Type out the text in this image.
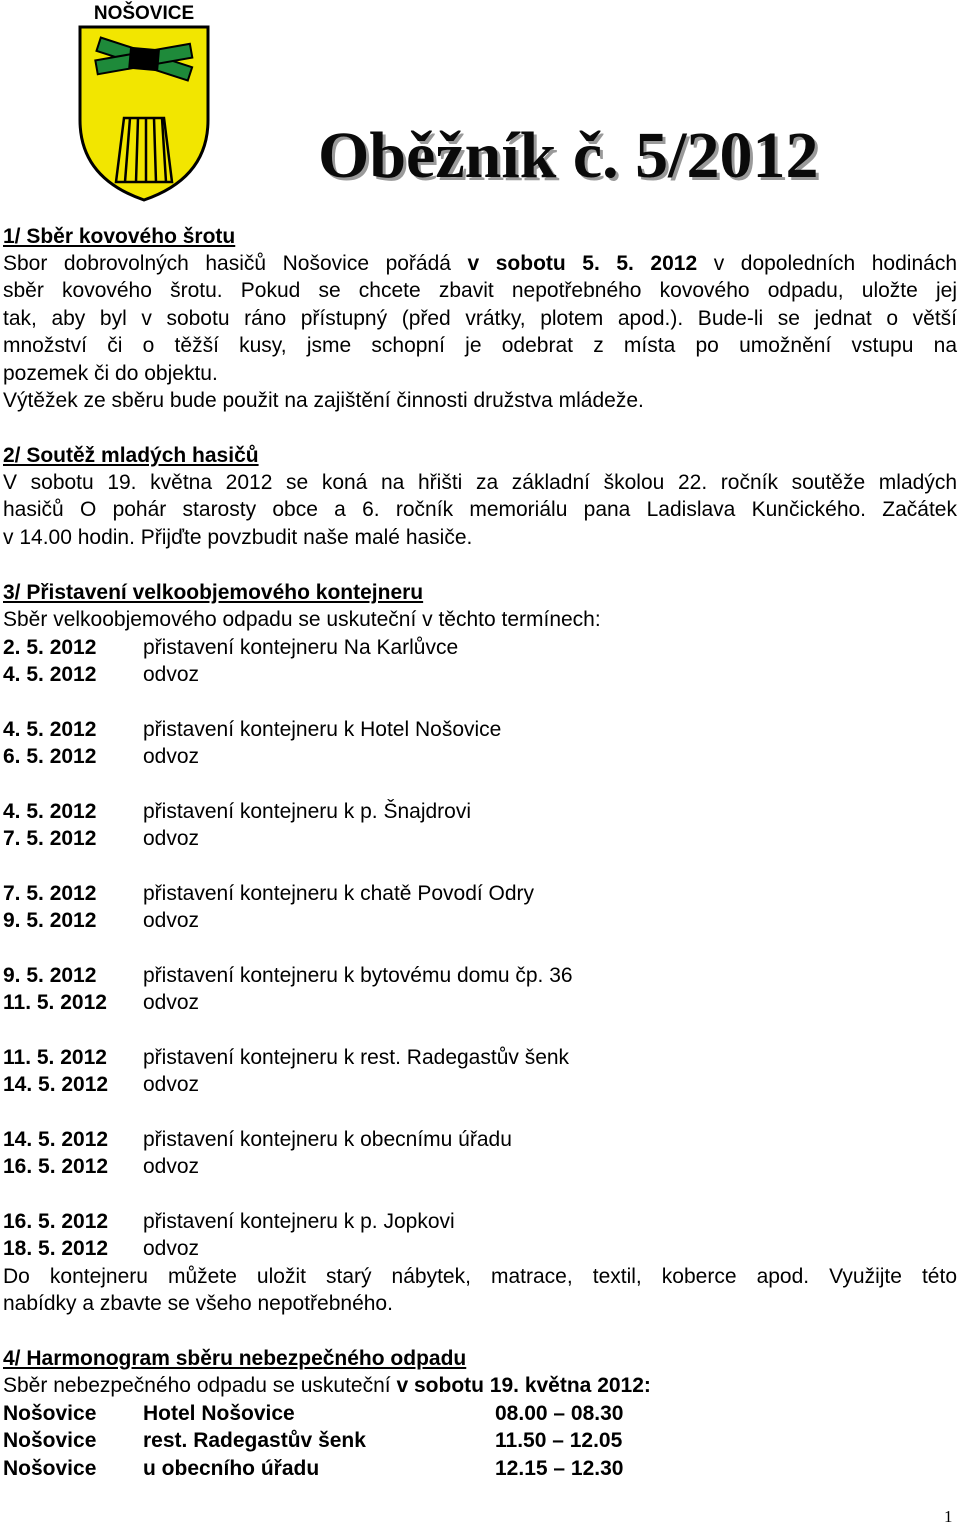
NOŠOVICE
Oběžník č. 5/2012
1/ Sběr kovového šrotu
Sbor dobrovolných hasičů Nošovice pořádá v sobotu 5. 5. 2012 v dopoledních hodinách
sběr kovového šrotu. Pokud se chcete zbavit nepotřebného kovového odpadu, uložte jej
tak, aby byl v sobotu ráno přístupný (před vrátky, plotem apod.). Bude-li se jednat o větší
množství či o těžší kusy, jsme schopní je odebrat z místa po umožnění vstupu na
pozemek či do objektu.
Výtěžek ze sběru bude použit na zajištění činnosti družstva mládeže.
2/ Soutěž mladých hasičů
V sobotu 19. května 2012 se koná na hřišti za základní školou 22. ročník soutěže mladých
hasičů O pohár starosty obce a 6. ročník memoriálu pana Ladislava Kunčického. Začátek
v 14.00 hodin. Přijďte povzbudit naše malé hasiče.
3/ Přistavení velkoobjemového kontejneru
Sběr velkoobjemového odpadu se uskuteční v těchto termínech:
2. 5. 2012	přistavení kontejneru Na Karlůvce
4. 5. 2012	odvoz
4. 5. 2012	přistavení kontejneru k Hotel Nošovice
6. 5. 2012	odvoz
4. 5. 2012	přistavení kontejneru k p. Šnajdrovi
7. 5. 2012	odvoz
7. 5. 2012	přistavení kontejneru k chatě Povodí Odry
9. 5. 2012	odvoz
9. 5. 2012	přistavení kontejneru k bytovému domu čp. 36
11. 5. 2012	odvoz
11. 5. 2012	přistavení kontejneru k rest. Radegastův šenk
14. 5. 2012	odvoz
14. 5. 2012	přistavení kontejneru k obecnímu úřadu
16. 5. 2012	odvoz
16. 5. 2012	přistavení kontejneru k p. Jopkovi
18. 5. 2012	odvoz
Do kontejneru můžete uložit starý nábytek, matrace, textil, koberce apod. Využijte této
nabídky a zbavte se všeho nepotřebného.
4/ Harmonogram sběru nebezpečného odpadu
Sběr nebezpečného odpadu se uskuteční v sobotu 19. května 2012:
Nošovice Hotel Nošovice	08.00 – 08.30
Nošovice rest. Radegastův šenk	11.50 – 12.05
Nošovice u obecního úřadu	12.15 – 12.30
1
